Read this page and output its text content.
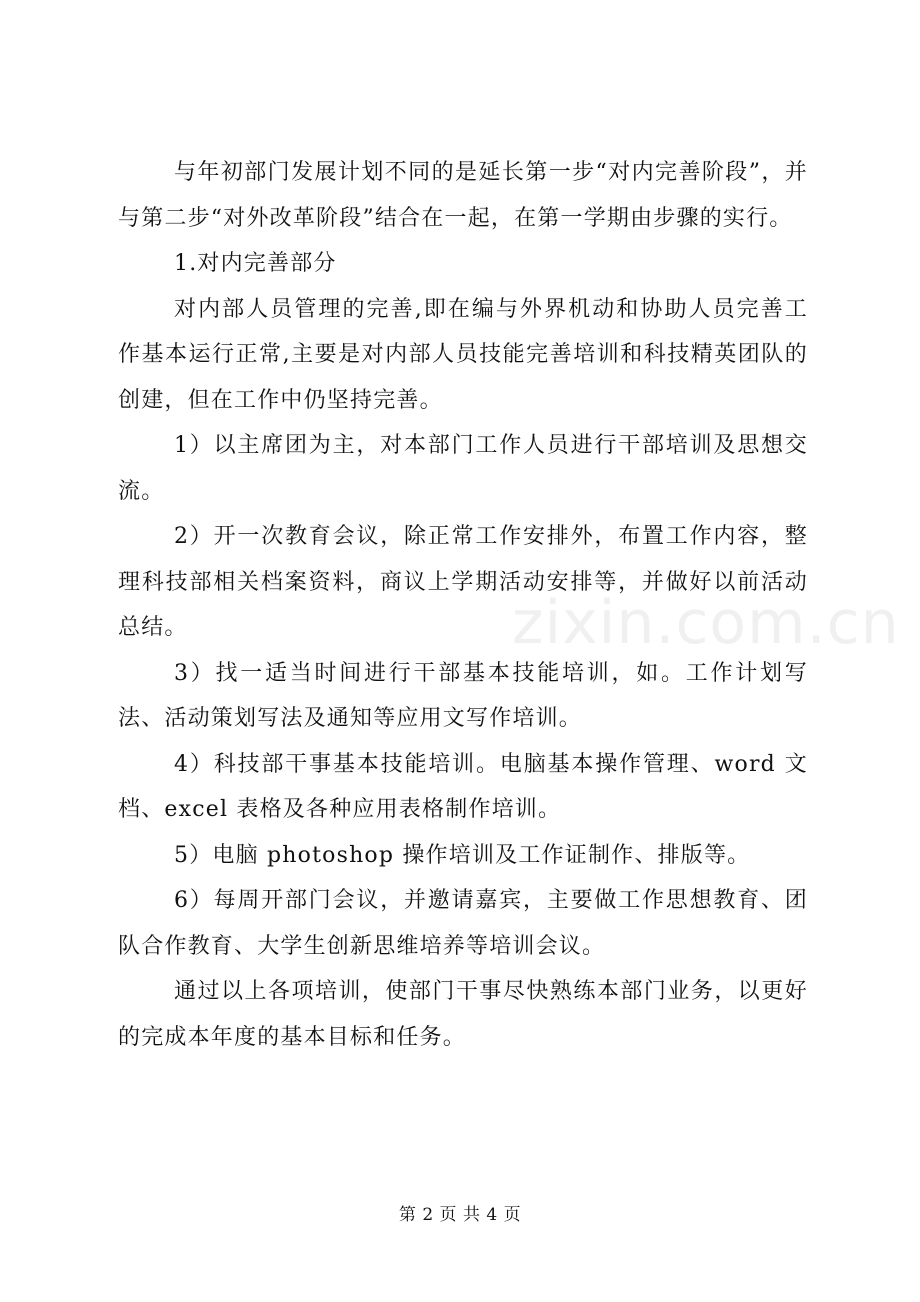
与年初部门发展计划不同的是延长第一步“对内完善阶段”，并与第二步“对外改革阶段”结合在一起，在第一学期由步骤的实行。

1.对内完善部分

对内部人员管理的完善,即在编与外界机动和协助人员完善工作基本运行正常,主要是对内部人员技能完善培训和科技精英团队的创建，但在工作中仍坚持完善。

1）以主席团为主，对本部门工作人员进行干部培训及思想交流。

2）开一次教育会议，除正常工作安排外，布置工作内容，整理科技部相关档案资料，商议上学期活动安排等，并做好以前活动总结。

3）找一适当时间进行干部基本技能培训，如。工作计划写法、活动策划写法及通知等应用文写作培训。

4）科技部干事基本技能培训。电脑基本操作管理、word 文档、excel 表格及各种应用表格制作培训。

5）电脑 photoshop 操作培训及工作证制作、排版等。

6）每周开部门会议，并邀请嘉宾，主要做工作思想教育、团队合作教育、大学生创新思维培养等培训会议。

通过以上各项培训，使部门干事尽快熟练本部门业务，以更好的完成本年度的基本目标和任务。

zixin.com.cn
第 2 页 共 4 页
